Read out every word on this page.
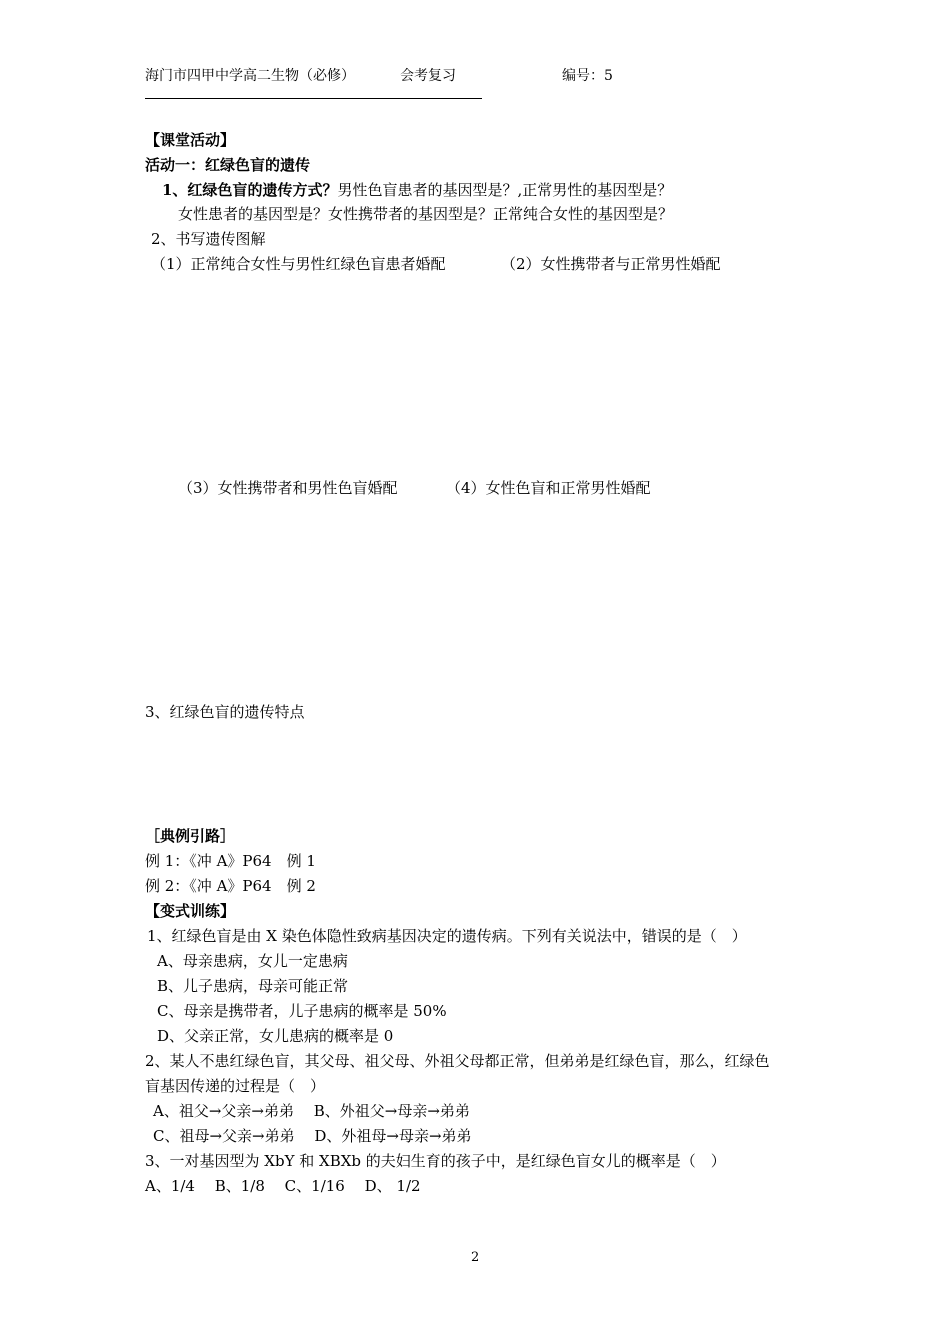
海门市四甲中学高二生物（必修）	会考复习	编号：5
【课堂活动】
活动一：红绿色盲的遗传
1、红绿色盲的遗传方式？男性色盲患者的基因型是？,正常男性的基因型是？
女性患者的基因型是？女性携带者的基因型是？正常纯合女性的基因型是？
2、书写遗传图解
（1）正常纯合女性与男性红绿色盲患者婚配	（2）女性携带者与正常男性婚配
（3）女性携带者和男性色盲婚配	（4）女性色盲和正常男性婚配
3、红绿色盲的遗传特点
［典例引路］
例 1：《冲 A》P64　例 1
例 2：《冲 A》P64　例 2
【变式训练】
1、红绿色盲是由 X 染色体隐性致病基因决定的遗传病。下列有关说法中，错误的是（　）
A、母亲患病，女儿一定患病
B、儿子患病，母亲可能正常
C、母亲是携带者，儿子患病的概率是 50%
D、父亲正常，女儿患病的概率是 0
2、某人不患红绿色盲，其父母、祖父母、外祖父母都正常，但弟弟是红绿色盲，那么，红绿色
盲基因传递的过程是（　）
A、祖父→父亲→弟弟　 B、外祖父→母亲→弟弟
C、祖母→父亲→弟弟　 D、外祖母→母亲→弟弟
3、一对基因型为 XbY 和 XBXb 的夫妇生育的孩子中，是红绿色盲女儿的概率是（　）
A、1/4　 B、1/8　 C、1/16　 D、 1/2
2
